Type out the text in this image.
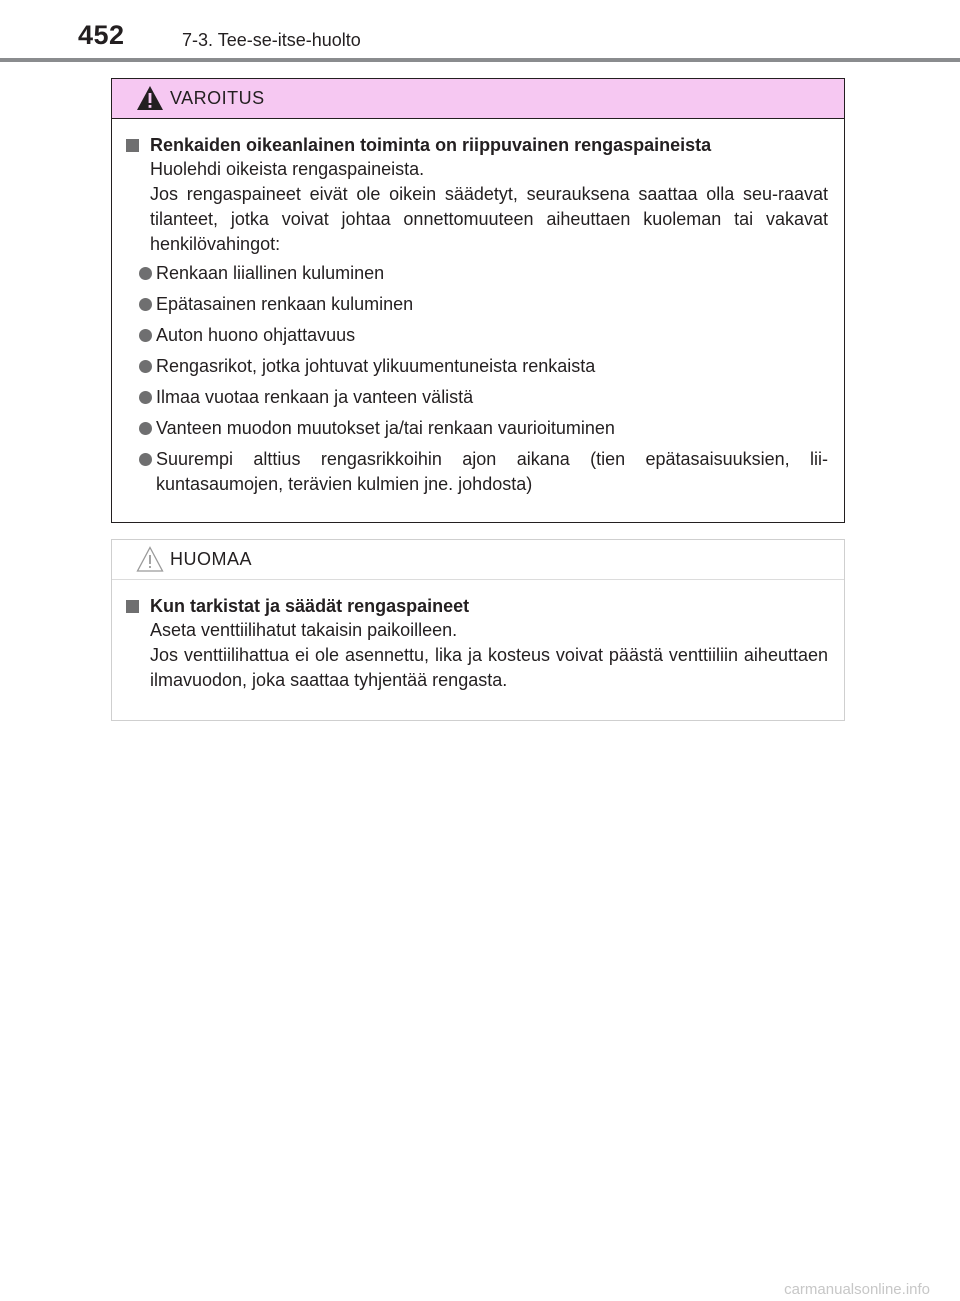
452	7-3. Tee-se-itse-huolto
VAROITUS
Renkaiden oikeanlainen toiminta on riippuvainen rengaspaineista

Huolehdi oikeista rengaspaineista.

Jos rengaspaineet eivät ole oikein säädetyt, seurauksena saattaa olla seu-raavat tilanteet, jotka voivat johtaa onnettomuuteen aiheuttaen kuoleman tai vakavat henkilövahingot:

Renkaan liiallinen kuluminen
Epätasainen renkaan kuluminen
Auton huono ohjattavuus
Rengasrikot, jotka johtuvat ylikuumentuneista renkaista
Ilmaa vuotaa renkaan ja vanteen välistä
Vanteen muodon muutokset ja/tai renkaan vaurioituminen
Suurempi alttius rengasrikkoihin ajon aikana (tien epätasaisuuksien, lii-kuntasaumojen, terävien kulmien jne. johdosta)
HUOMAA
Kun tarkistat ja säädät rengaspaineet

Aseta venttiilihatut takaisin paikoilleen.

Jos venttiilihattua ei ole asennettu, lika ja kosteus voivat päästä venttiiliin aiheuttaen ilmavuodon, joka saattaa tyhjentää rengasta.

carmanualsonline.info
